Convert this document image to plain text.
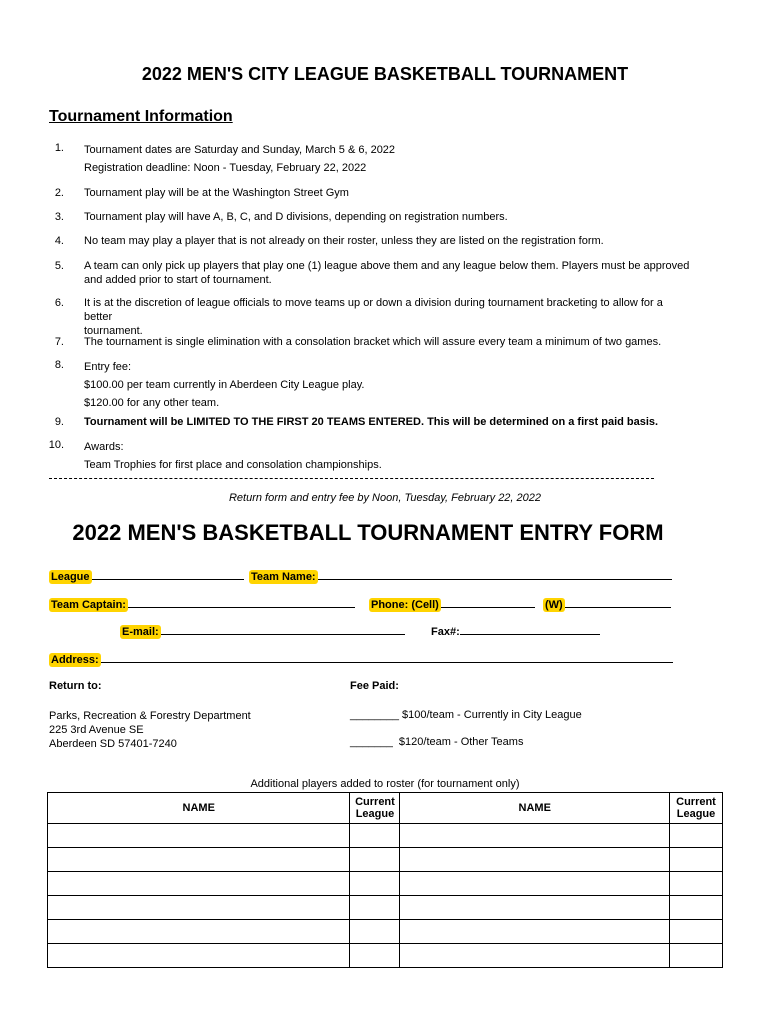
2022 MEN'S CITY LEAGUE BASKETBALL TOURNAMENT
Tournament Information
1. Tournament dates are Saturday and Sunday, March 5 & 6, 2022
Registration deadline: Noon - Tuesday, February 22, 2022
2. Tournament play will be at the Washington Street Gym
3. Tournament play will have A, B, C, and D divisions, depending on registration numbers.
4. No team may play a player that is not already on their roster, unless they are listed on the registration form.
5. A team can only pick up players that play one (1) league above them and any league below them. Players must be approved
and added prior to start of tournament.
6. It is at the discretion of league officials to move teams up or down a division during tournament bracketing to allow for a better
tournament.
7. The tournament is single elimination with a consolation bracket which will assure every team a minimum of two games.
8. Entry fee:
$100.00 per team currently in Aberdeen City League play.
$120.00 for any other team.
9. Tournament will be LIMITED TO THE FIRST 20 TEAMS ENTERED. This will be determined on a first paid basis.
10. Awards:
Team Trophies for first place and consolation championships.
Return form and entry fee by Noon, Tuesday, February 22, 2022
2022 MEN'S BASKETBALL TOURNAMENT ENTRY FORM
League	Team Name:
Team Captain:	Phone: (Cell)	(W)
E-mail:	Fax#:
Address:
Return to:	Fee Paid:
Parks, Recreation & Forestry Department
225 3rd Avenue SE
Aberdeen SD 57401-7240
________ $100/team - Currently in City League
_______  $120/team - Other Teams
Additional players added to roster (for tournament only)
NAME	Current League	NAME	Current League
